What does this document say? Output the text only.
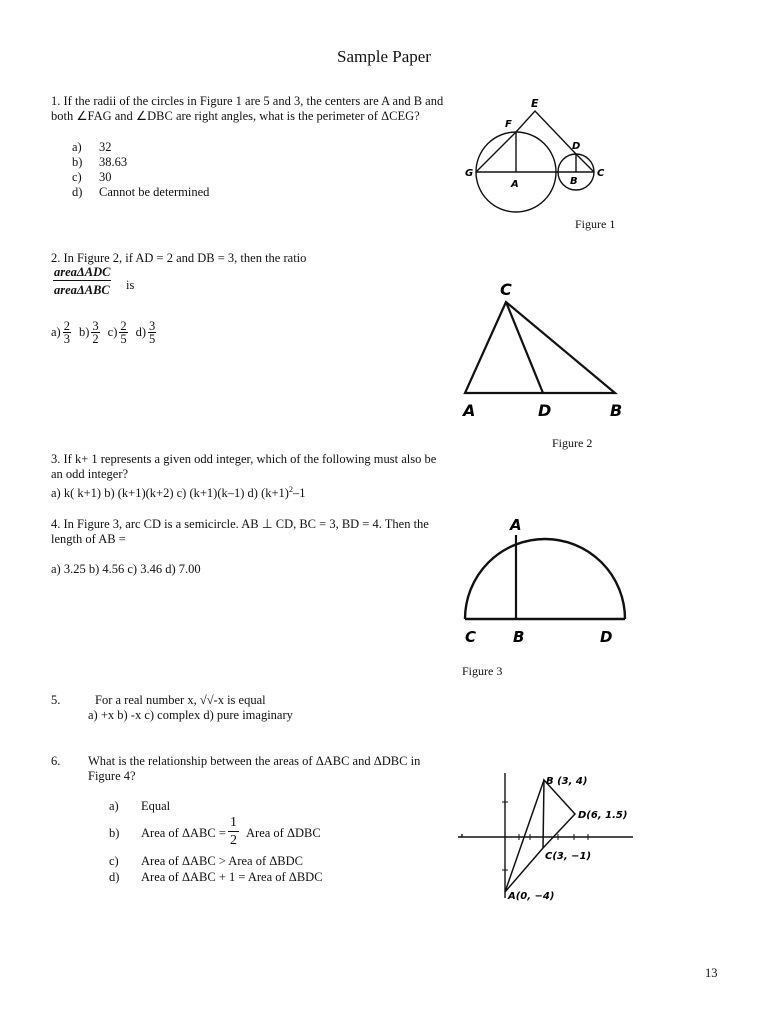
Sample Paper
1. If the radii of the circles in Figure 1 are 5 and 3, the centers are A and B and
both ∠FAG and ∠DBC are right angles, what is the perimeter of ΔCEG?
a) 32
b) 38.63
c) 30
d) Cannot be determined
E
F
D
G
A	B
C
Figure 1
2. In Figure 2, if AD = 2 and DB = 3, then the ratio
$\frac{\text{areaΔADC}}{\text{areaΔABC}}$ is
$a) \frac{2}{3} b) \frac{3}{2} c) \frac{2}{5} d) \frac{3}{5}$
C
A	D	B
Figure 2
3. If k+ 1 represents a given odd integer, which of the following must also be
an odd integer?
a) k( k+1) b) (k+1)(k+2) c) (k+1)(k–1) d) $(k+1)^2-1$
4. In Figure 3, arc CD is a semicircle. AB ⊥ CD, BC = 3, BD = 4. Then the
length of AB =
a) 3.25 b) 4.56 c) 3.46 d) 7.00
A
C B	D
Figure 3
5.	For a real number x, √√-x is equal
a) +x b) -x c) complex d) pure imaginary
6. What is the relationship between the areas of ΔABC and ΔDBC in
Figure 4?
a) Equal
b) Area of $\Delta ABC = \frac{1}{2}$ Area of ΔDBC
c) Area of ΔABC > Area of ΔBDC
d) Area of ΔABC + 1 = Area of ΔBDC
B (3, 4)
D(6, 1.5)
C(3, −1)
A(0, −4)
13
